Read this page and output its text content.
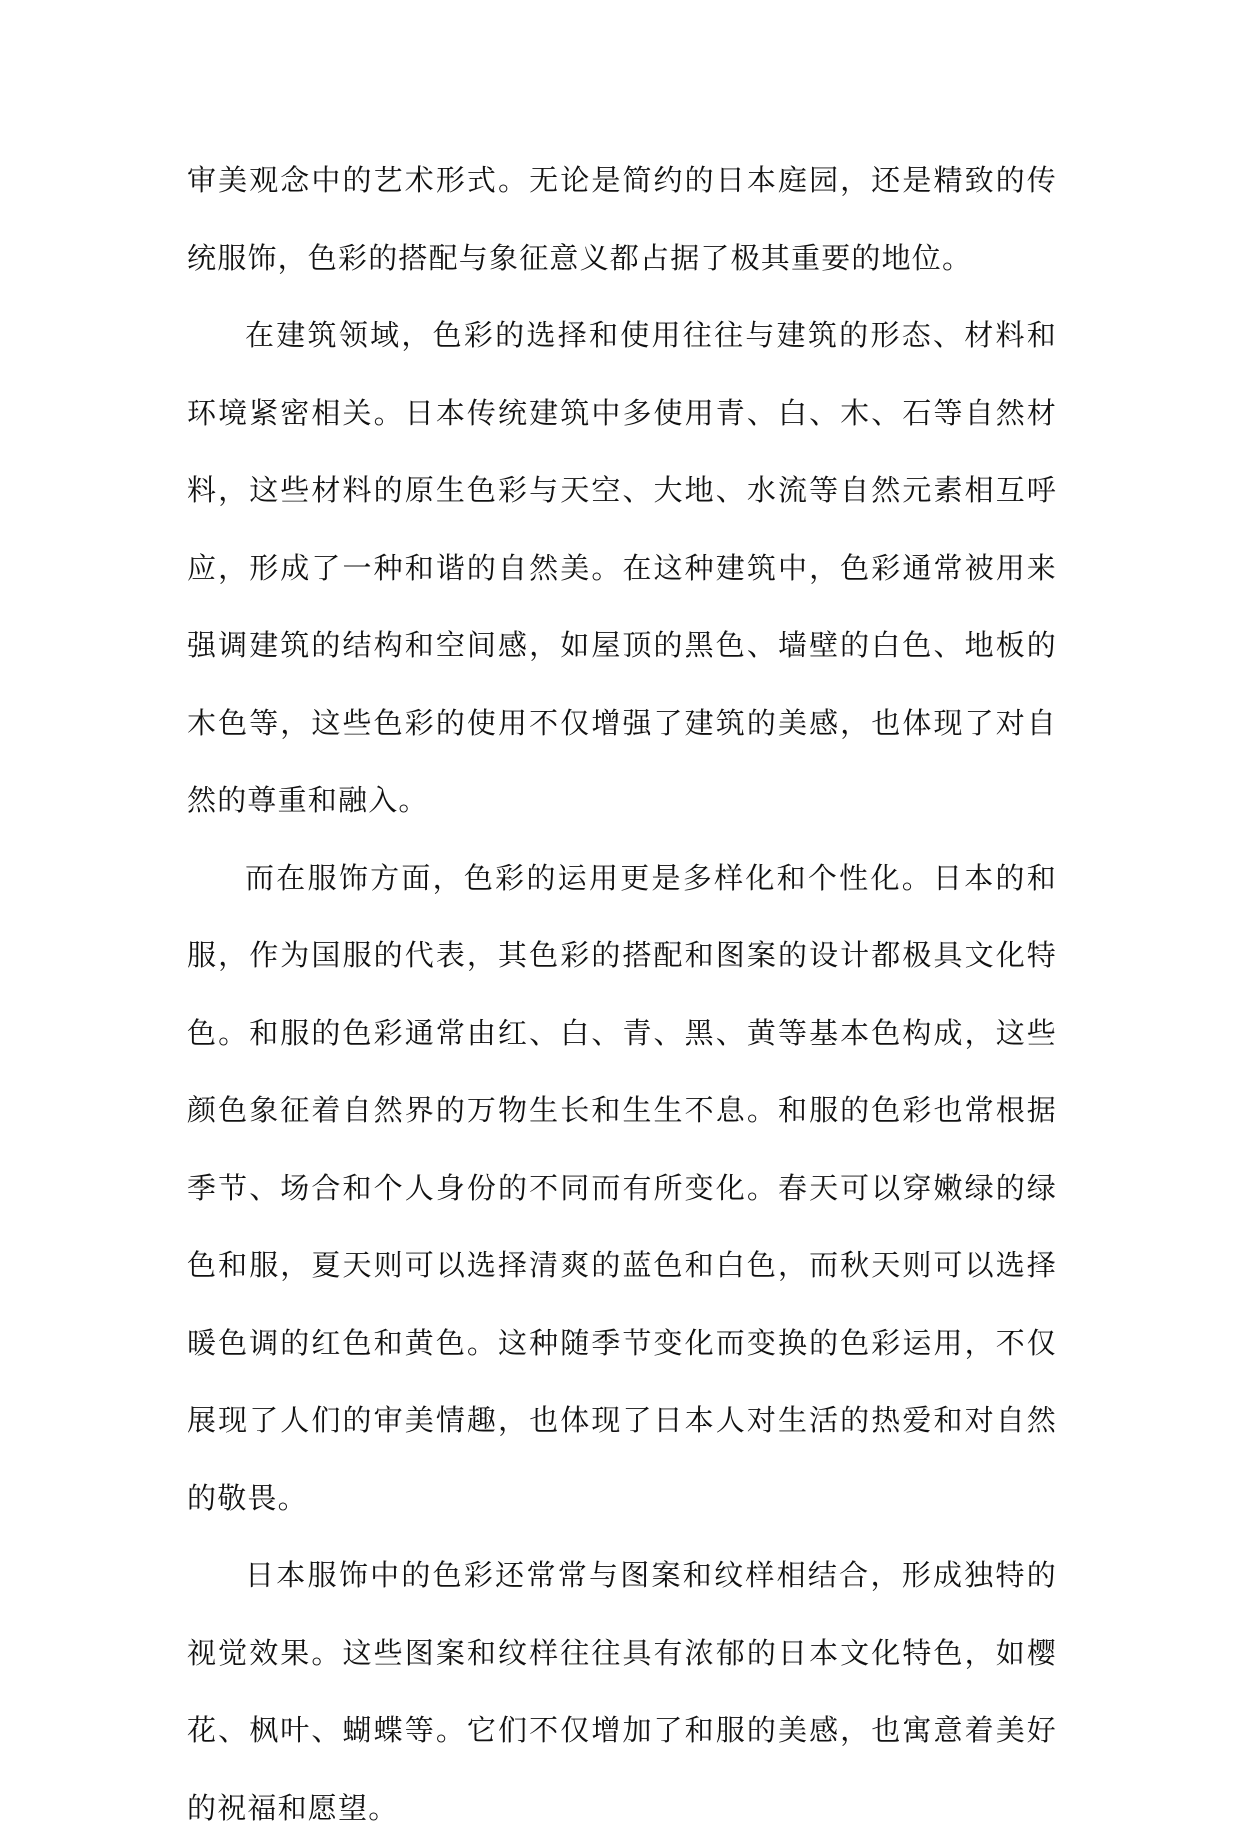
审美观念中的艺术形式。无论是简约的日本庭园，还是精致的传统服饰，色彩的搭配与象征意义都占据了极其重要的地位。

在建筑领域，色彩的选择和使用往往与建筑的形态、材料和环境紧密相关。日本传统建筑中多使用青、白、木、石等自然材料，这些材料的原生色彩与天空、大地、水流等自然元素相互呼应，形成了一种和谐的自然美。在这种建筑中，色彩通常被用来强调建筑的结构和空间感，如屋顶的黑色、墙壁的白色、地板的木色等，这些色彩的使用不仅增强了建筑的美感，也体现了对自然的尊重和融入。

而在服饰方面，色彩的运用更是多样化和个性化。日本的和服，作为国服的代表，其色彩的搭配和图案的设计都极具文化特色。和服的色彩通常由红、白、青、黑、黄等基本色构成，这些颜色象征着自然界的万物生长和生生不息。和服的色彩也常根据季节、场合和个人身份的不同而有所变化。春天可以穿嫩绿的绿色和服，夏天则可以选择清爽的蓝色和白色，而秋天则可以选择暖色调的红色和黄色。这种随季节变化而变换的色彩运用，不仅展现了人们的审美情趣，也体现了日本人对生活的热爱和对自然的敬畏。

日本服饰中的色彩还常常与图案和纹样相结合，形成独特的视觉效果。这些图案和纹样往往具有浓郁的日本文化特色，如樱花、枫叶、蝴蝶等。它们不仅增加了和服的美感，也寓意着美好的祝福和愿望。
